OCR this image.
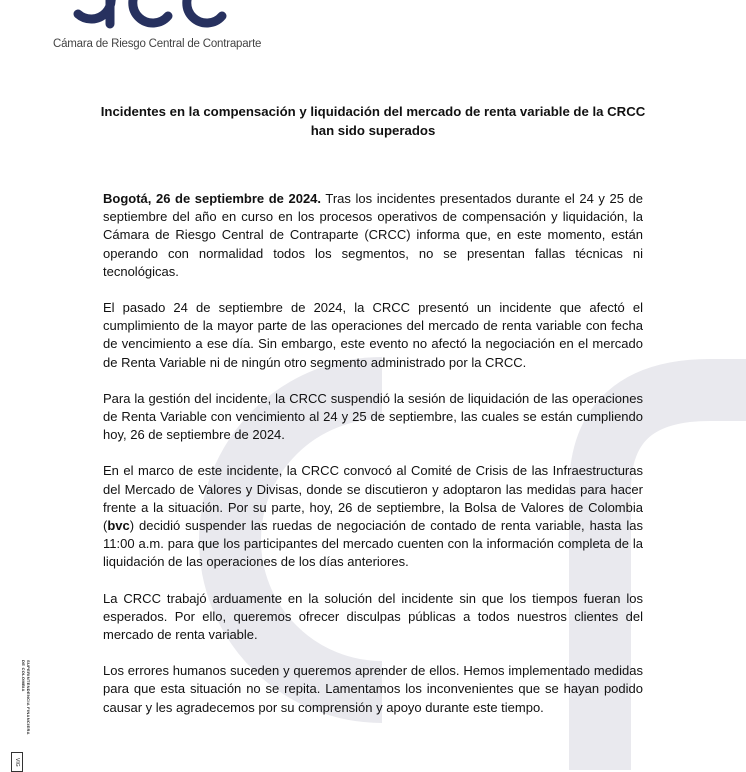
Cámara de Riesgo Central de Contraparte
Incidentes en la compensación y liquidación del mercado de renta variable de la CRCC
han sido superados

Bogotá, 26 de septiembre de 2024. Tras los incidentes presentados durante el 24 y 25 de septiembre del año en curso en los procesos operativos de compensación y liquidación, la Cámara de Riesgo Central de Contraparte (CRCC) informa que, en este momento, están operando con normalidad todos los segmentos, no se presentan fallas técnicas ni tecnológicas.

El pasado 24 de septiembre de 2024, la CRCC presentó un incidente que afectó el cumplimiento de la mayor parte de las operaciones del mercado de renta variable con fecha de vencimiento a ese día. Sin embargo, este evento no afectó la negociación en el mercado de Renta Variable ni de ningún otro segmento administrado por la CRCC.

Para la gestión del incidente, la CRCC suspendió la sesión de liquidación de las operaciones de Renta Variable con vencimiento al 24 y 25 de septiembre, las cuales se están cumpliendo hoy, 26 de septiembre de 2024.

En el marco de este incidente, la CRCC convocó al Comité de Crisis de las Infraestructuras del Mercado de Valores y Divisas, donde se discutieron y adoptaron las medidas para hacer frente a la situación. Por su parte, hoy, 26 de septiembre, la Bolsa de Valores de Colombia (bvc) decidió suspender las ruedas de negociación de contado de renta variable, hasta las 11:00 a.m. para que los participantes del mercado cuenten con la información completa de la liquidación de las operaciones de los días anteriores.

La CRCC trabajó arduamente en la solución del incidente sin que los tiempos fueran los esperados. Por ello, queremos ofrecer disculpas públicas a todos nuestros clientes del mercado de renta variable.

Los errores humanos suceden y queremos aprender de ellos. Hemos implementado medidas para que esta situación no se repita. Lamentamos los inconvenientes que se hayan podido causar y les agradecemos por su comprensión y apoyo durante este tiempo.

SUPERINTENDENCIA FINANCIERA
DE COLOMBIA
VIG
